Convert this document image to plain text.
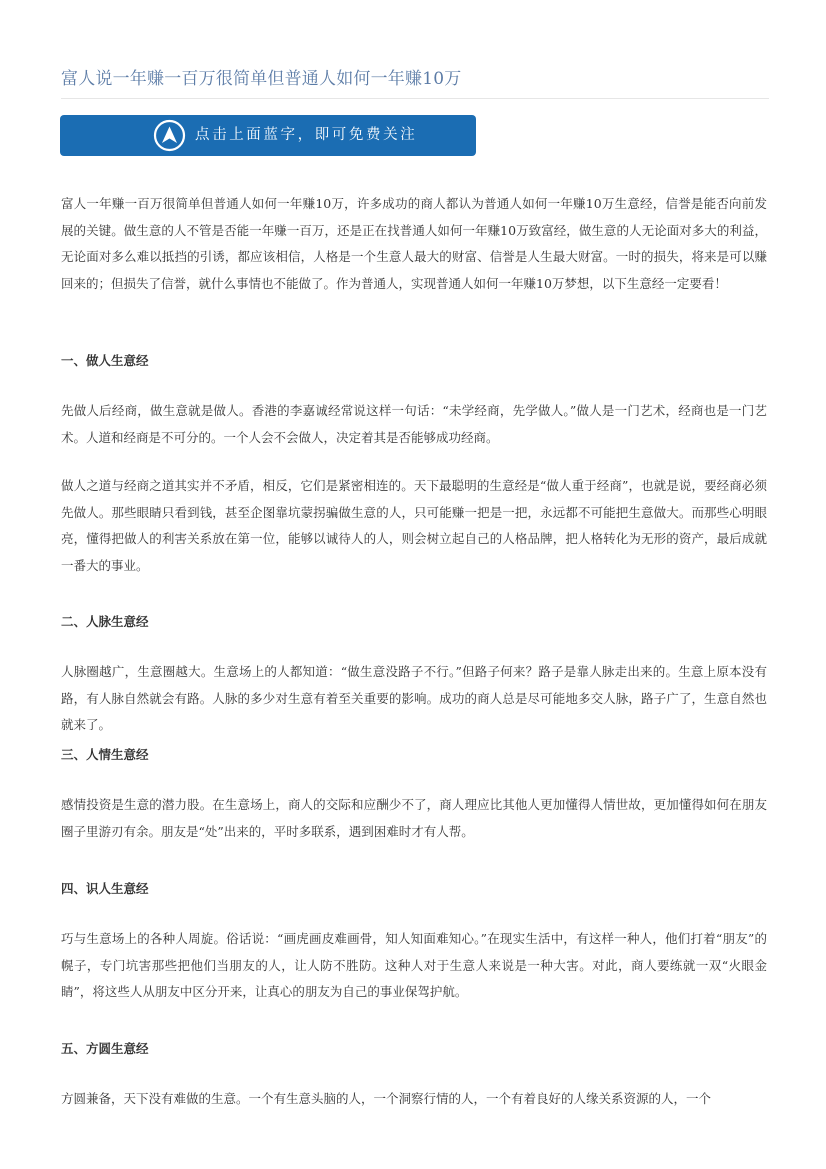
富人说一年赚一百万很简单但普通人如何一年赚10万
点击上面蓝字，即可免费关注

富人一年赚一百万很简单但普通人如何一年赚10万，许多成功的商人都认为普通人如何一年赚10万生意经，信誉是能否向前发展的关键。做生意的人不管是否能一年赚一百万，还是正在找普通人如何一年赚10万致富经，做生意的人无论面对多大的利益，无论面对多么难以抵挡的引诱，都应该相信，人格是一个生意人最大的财富、信誉是人生最大财富。一时的损失，将来是可以赚回来的；但损失了信誉，就什么事情也不能做了。作为普通人，实现普通人如何一年赚10万梦想，以下生意经一定要看！

一、做人生意经

先做人后经商，做生意就是做人。香港的李嘉诚经常说这样一句话：“未学经商，先学做人。”做人是一门艺术，经商也是一门艺术。人道和经商是不可分的。一个人会不会做人，决定着其是否能够成功经商。

做人之道与经商之道其实并不矛盾，相反，它们是紧密相连的。天下最聪明的生意经是“做人重于经商”，也就是说，要经商必须先做人。那些眼睛只看到钱，甚至企图靠坑蒙拐骗做生意的人，只可能赚一把是一把，永远都不可能把生意做大。而那些心明眼亮，懂得把做人的利害关系放在第一位，能够以诚待人的人，则会树立起自己的人格品牌，把人格转化为无形的资产，最后成就一番大的事业。

二、人脉生意经

人脉圈越广，生意圈越大。生意场上的人都知道：“做生意没路子不行。”但路子何来？路子是靠人脉走出来的。生意上原本没有路，有人脉自然就会有路。人脉的多少对生意有着至关重要的影响。成功的商人总是尽可能地多交人脉，路子广了，生意自然也就来了。

三、人情生意经

感情投资是生意的潜力股。在生意场上，商人的交际和应酬少不了，商人理应比其他人更加懂得人情世故，更加懂得如何在朋友圈子里游刃有余。朋友是“处”出来的，平时多联系，遇到困难时才有人帮。

四、识人生意经

巧与生意场上的各种人周旋。俗话说：“画虎画皮难画骨，知人知面难知心。”在现实生活中，有这样一种人，他们打着“朋友”的幌子，专门坑害那些把他们当朋友的人，让人防不胜防。这种人对于生意人来说是一种大害。对此，商人要练就一双“火眼金睛”，将这些人从朋友中区分开来，让真心的朋友为自己的事业保驾护航。

五、方圆生意经

方圆兼备，天下没有难做的生意。一个有生意头脑的人，一个洞察行情的人，一个有着良好的人缘关系资源的人，一个
